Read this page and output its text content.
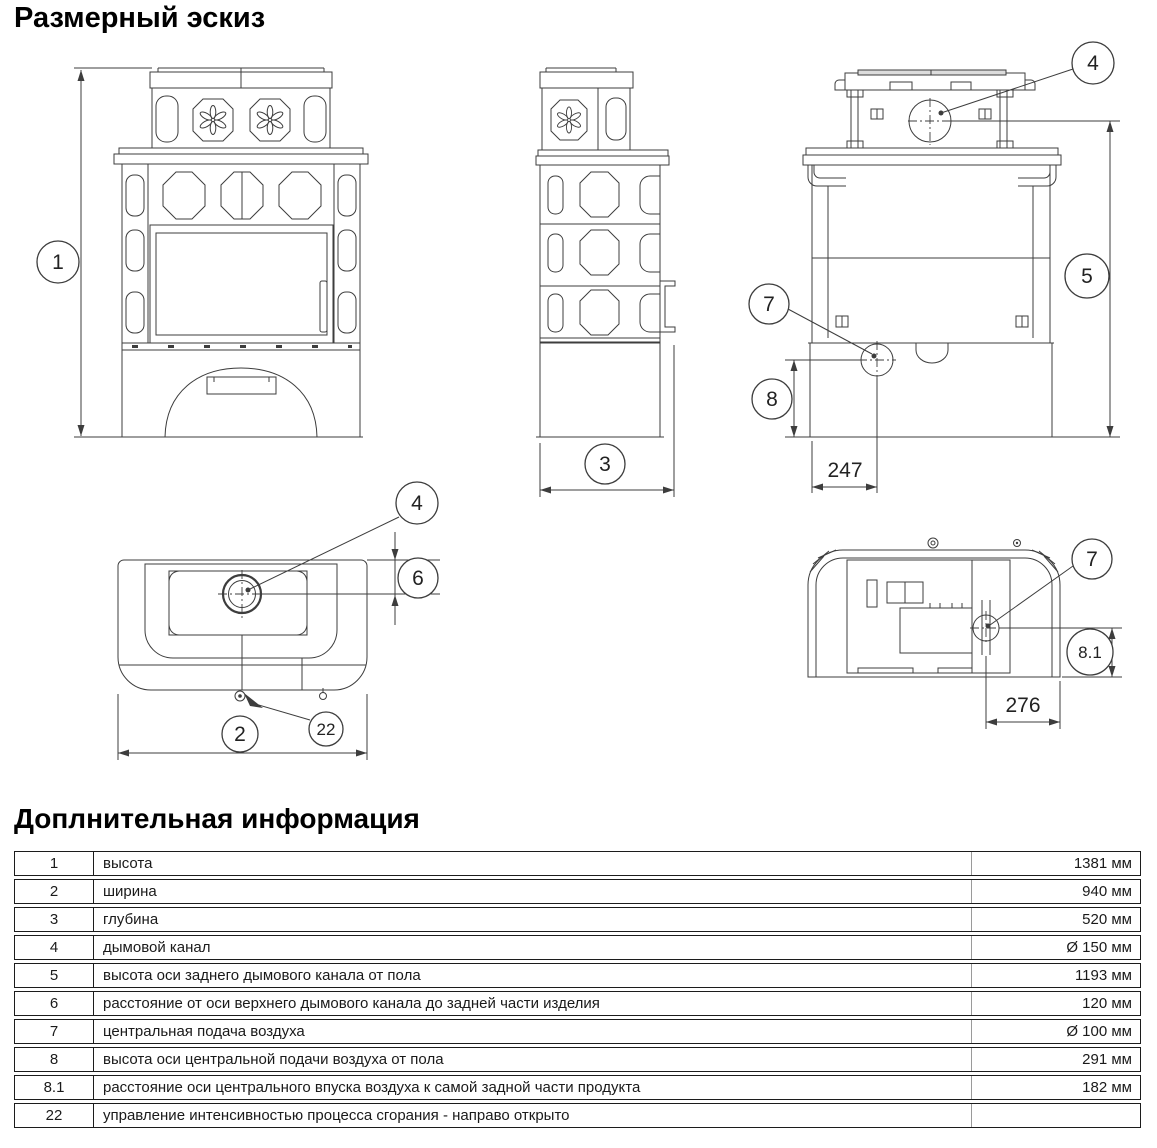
Размерный эскиз
1
3
4
5
7
8
247
4
6
22
2
7
8.1
276
Доплнительная информация
1	высота	1381 мм
2	ширина	940 мм
3	глубина	520 мм
4	дымовой канал	Ø 150 мм
5	высота оси заднего дымового канала от пола	1193 мм
6	расстояние от оси верхнего дымового канала до задней части изделия	120 мм
7	центральная подача воздуха	Ø 100 мм
8	высота оси центральной подачи воздуха от пола	291 мм
8.1	расстояние оси центрального впуска воздуха к самой задной части продукта	182 мм
22	управление интенсивностью процесса сгорания - направо открыто
